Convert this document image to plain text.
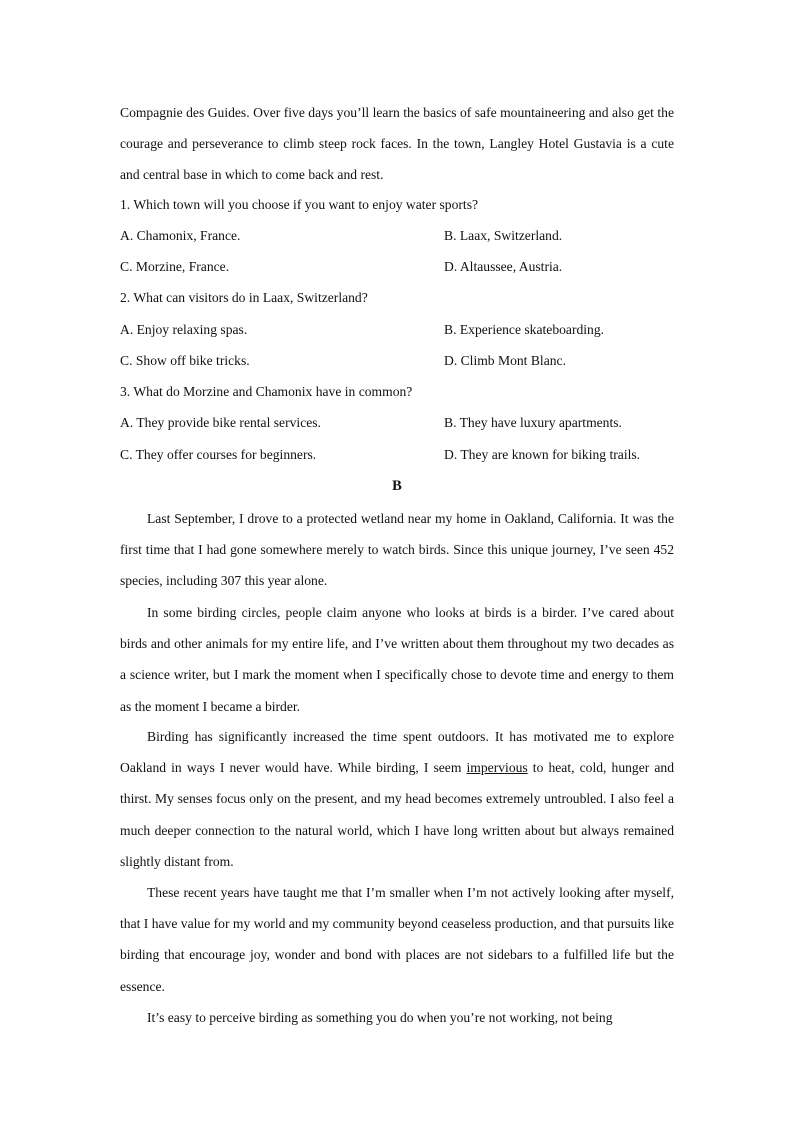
Compagnie des Guides. Over five days you’ll learn the basics of safe mountaineering and also get the courage and perseverance to climb steep rock faces. In the town, Langley Hotel Gustavia is a cute and central base in which to come back and rest.

1. Which town will you choose if you want to enjoy water sports?
A. Chamonix, France.	B. Laax, Switzerland.
C. Morzine, France.	D. Altaussee, Austria.
2. What can visitors do in Laax, Switzerland?
A. Enjoy relaxing spas.	B. Experience skateboarding.
C. Show off bike tricks.	D. Climb Mont Blanc.
3. What do Morzine and Chamonix have in common?
A. They provide bike rental services.	B. They have luxury apartments.
C. They offer courses for beginners.	D. They are known for biking trails.
B

Last September, I drove to a protected wetland near my home in Oakland, California. It was the first time that I had gone somewhere merely to watch birds. Since this unique journey, I’ve seen 452 species, including 307 this year alone.

In some birding circles, people claim anyone who looks at birds is a birder. I’ve cared about birds and other animals for my entire life, and I’ve written about them throughout my two decades as a science writer, but I mark the moment when I specifically chose to devote time and energy to them as the moment I became a birder.

Birding has significantly increased the time spent outdoors. It has motivated me to explore Oakland in ways I never would have. While birding, I seem impervious to heat, cold, hunger and thirst. My senses focus only on the present, and my head becomes extremely untroubled. I also feel a much deeper connection to the natural world, which I have long written about but always remained slightly distant from.

These recent years have taught me that I’m smaller when I’m not actively looking after myself, that I have value for my world and my community beyond ceaseless production, and that pursuits like birding that encourage joy, wonder and bond with places are not sidebars to a fulfilled life but the essence.

It’s easy to perceive birding as something you do when you’re not working, not being
